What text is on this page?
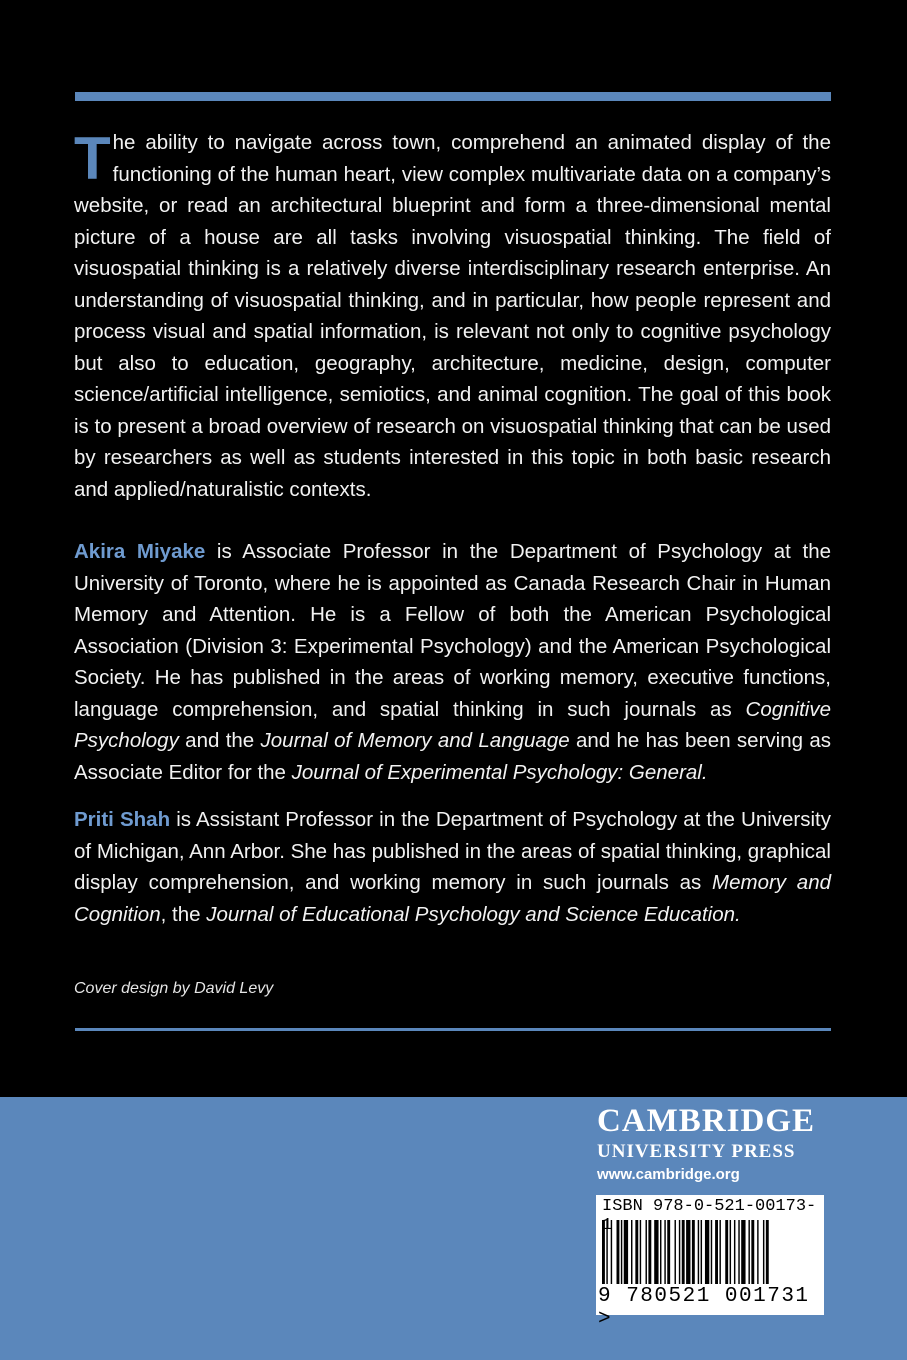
The ability to navigate across town, comprehend an animated display of the functioning of the human heart, view complex multivariate data on a company’s website, or read an architectural blueprint and form a three-dimensional mental picture of a house are all tasks involving visuospatial thinking. The field of visuospatial thinking is a relatively diverse interdisciplinary research enterprise. An understanding of visuospatial thinking, and in particular, how people represent and process visual and spatial information, is relevant not only to cognitive psychology but also to education, geography, architecture, medicine, design, computer science/artificial intelligence, semiotics, and animal cognition. The goal of this book is to present a broad overview of research on visuospatial thinking that can be used by researchers as well as students interested in this topic in both basic research and applied/naturalistic contexts.
Akira Miyake is Associate Professor in the Department of Psychology at the University of Toronto, where he is appointed as Canada Research Chair in Human Memory and Attention. He is a Fellow of both the American Psychological Association (Division 3: Experimental Psychology) and the American Psychological Society. He has published in the areas of working memory, executive functions, language comprehension, and spatial thinking in such journals as Cognitive Psychology and the Journal of Memory and Language and he has been serving as Associate Editor for the Journal of Experimental Psychology: General.
Priti Shah is Assistant Professor in the Department of Psychology at the University of Michigan, Ann Arbor. She has published in the areas of spatial thinking, graphical display comprehension, and working memory in such journals as Memory and Cognition, the Journal of Educational Psychology and Science Education.
Cover design by David Levy
CAMBRIDGE
UNIVERSITY PRESS
www.cambridge.org
ISBN 978-0-521-00173-1
9 780521 001731 >
